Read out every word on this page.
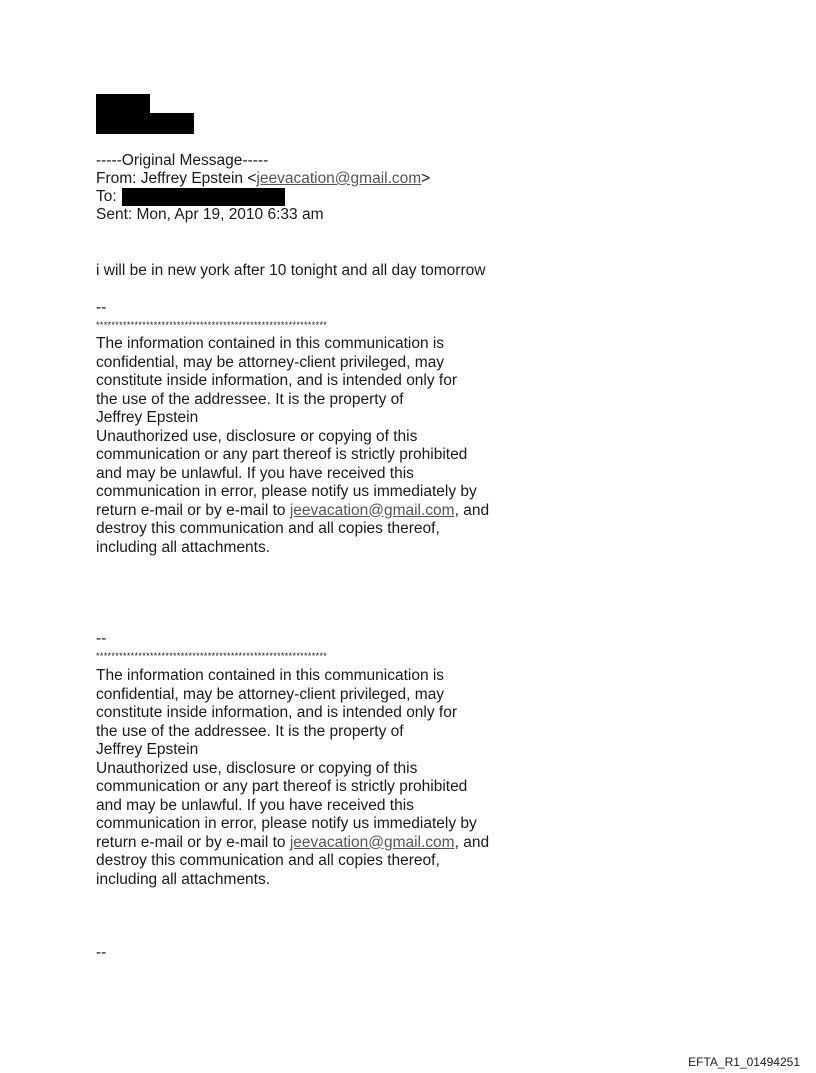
-----Original Message-----
From: Jeffrey Epstein <jeevacation@gmail.com>
To:
Sent: Mon, Apr 19, 2010 6:33 am
i will be in new york after 10 tonight and all day tomorrow
--
************************************************************
The information contained in this communication is
confidential, may be attorney-client privileged, may
constitute inside information, and is intended only for
the use of the addressee. It is the property of
Jeffrey Epstein
Unauthorized use, disclosure or copying of this
communication or any part thereof is strictly prohibited
and may be unlawful. If you have received this
communication in error, please notify us immediately by
return e-mail or by e-mail to jeevacation@gmail.com, and
destroy this communication and all copies thereof,
including all attachments.
--
************************************************************
The information contained in this communication is
confidential, may be attorney-client privileged, may
constitute inside information, and is intended only for
the use of the addressee. It is the property of
Jeffrey Epstein
Unauthorized use, disclosure or copying of this
communication or any part thereof is strictly prohibited
and may be unlawful. If you have received this
communication in error, please notify us immediately by
return e-mail or by e-mail to jeevacation@gmail.com, and
destroy this communication and all copies thereof,
including all attachments.
--
EFTA_R1_01494251
